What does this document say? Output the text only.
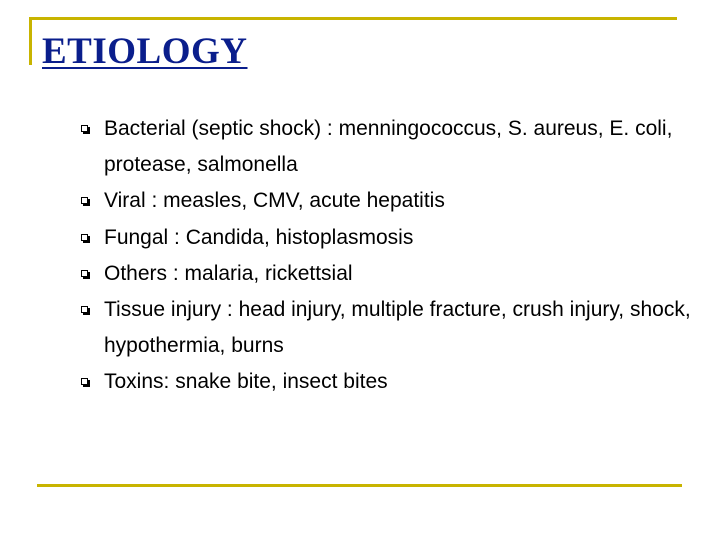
ETIOLOGY
Bacterial (septic shock) : menningococcus, S. aureus, E. coli, protease, salmonella
Viral : measles, CMV, acute hepatitis
Fungal : Candida, histoplasmosis
Others : malaria, rickettsial
Tissue injury : head injury, multiple fracture, crush injury, shock, hypothermia, burns
Toxins: snake bite, insect bites
